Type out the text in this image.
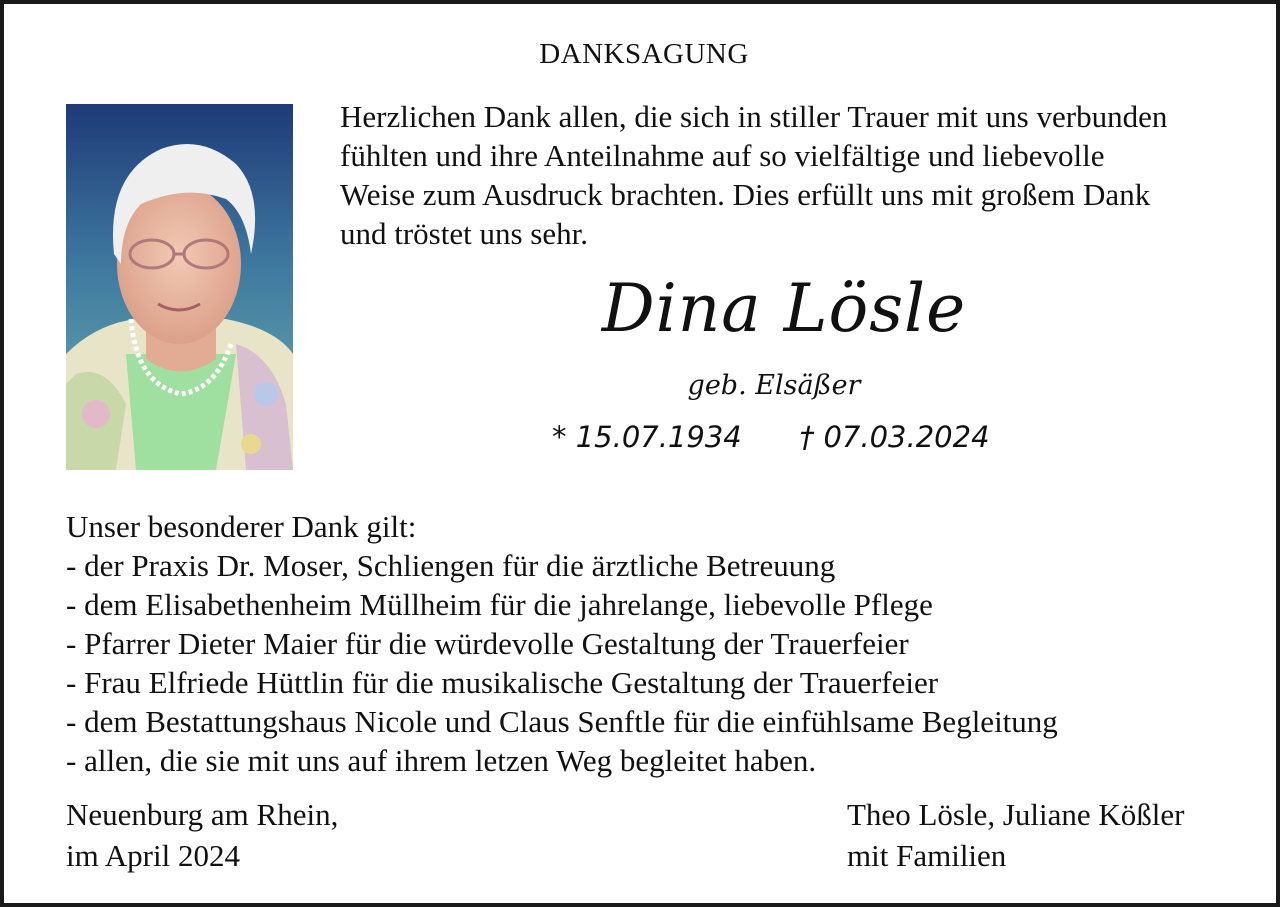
DANKSAGUNG

Herzlichen Dank allen, die sich in stiller Trauer mit uns verbunden

fühlten und ihre Anteilnahme auf so vielfältige und liebevolle

Weise zum Ausdruck brachten. Dies erfüllt uns mit großem Dank

und tröstet uns sehr.

Dina Lösle
geb. Elsäßer
* 15.07.1934 † 07.03.2024
Unser besonderer Dank gilt:
- der Praxis Dr. Moser, Schliengen für die ärztliche Betreuung
- dem Elisabethenheim Müllheim für die jahrelange, liebevolle Pflege
- Pfarrer Dieter Maier für die würdevolle Gestaltung der Trauerfeier
- Frau Elfriede Hüttlin für die musikalische Gestaltung der Trauerfeier
- dem Bestattungshaus Nicole und Claus Senftle für die einfühlsame Begleitung
- allen, die sie mit uns auf ihrem letzen Weg begleitet haben.
Neuenburg am Rhein,
im April 2024
Theo Lösle, Juliane Kößler
mit Familien
